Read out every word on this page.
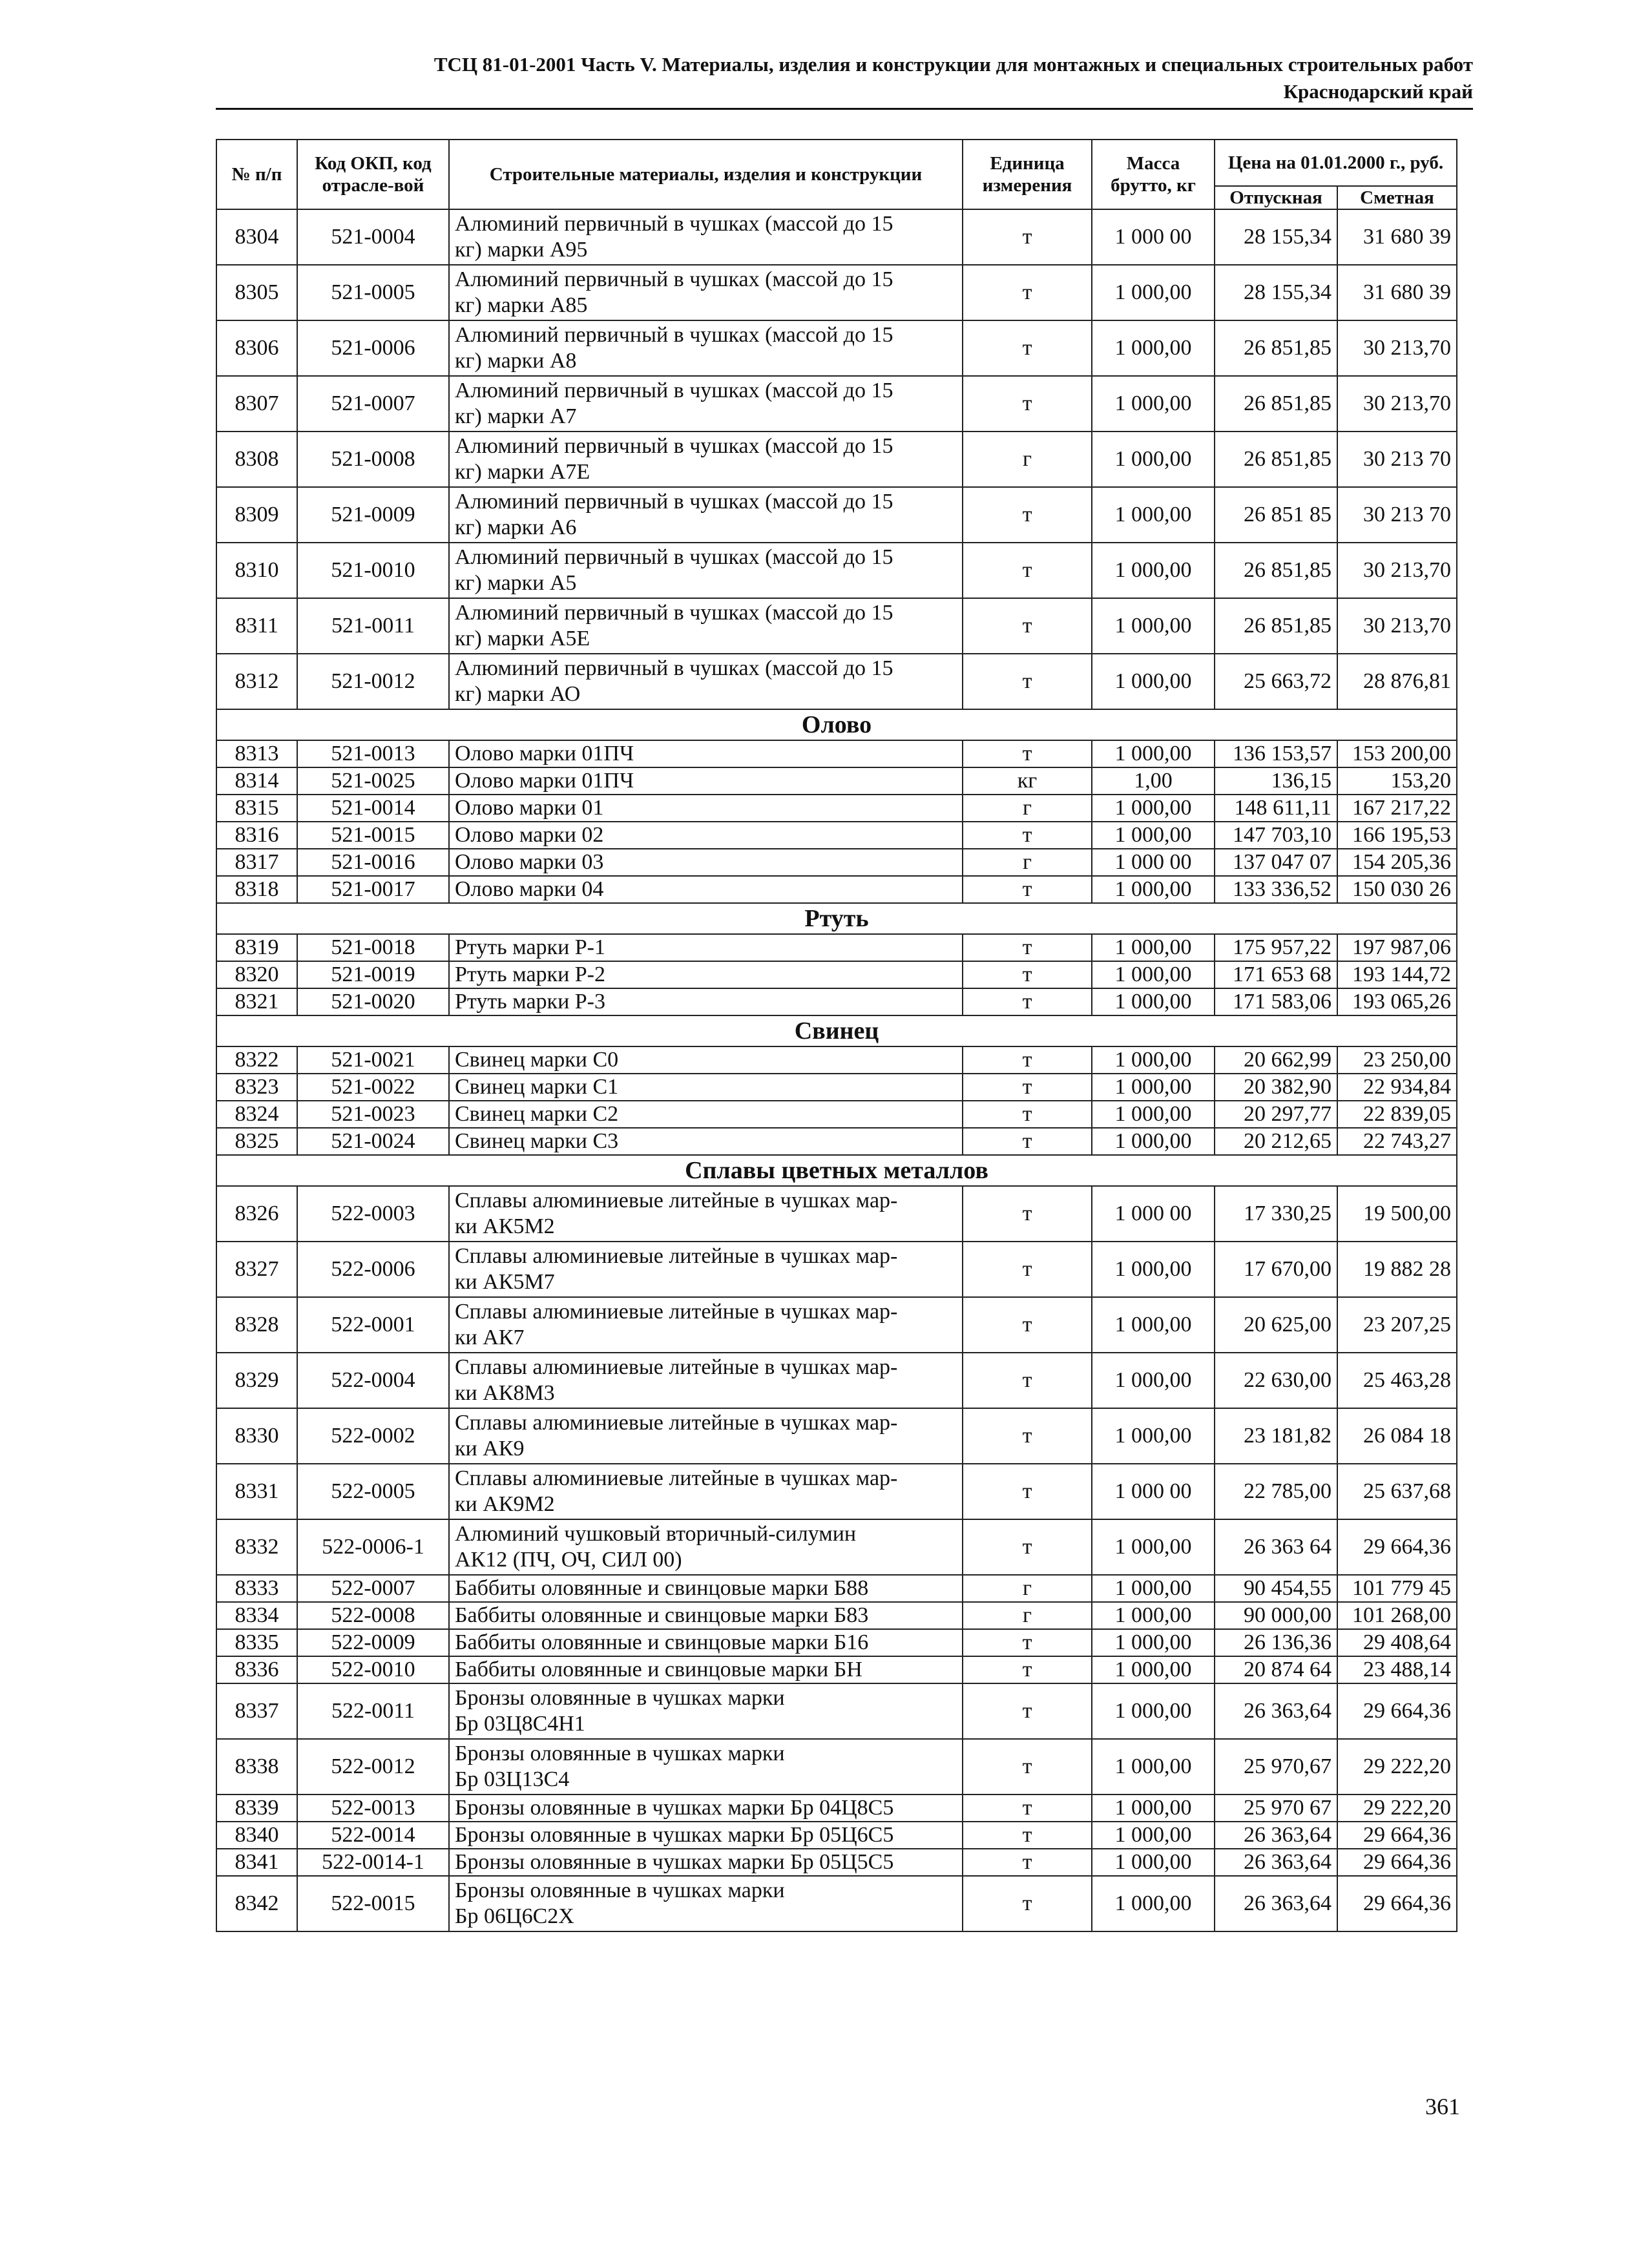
ТСЦ 81-01-2001 Часть V. Материалы, изделия и конструкции для монтажных и специальных строительных работ
Краснодарский край
№ п/п	Код ОКП, код отрасле-вой	Строительные материалы, изделия и конструкции	Единица измерения	Масса брутто, кг	Цена на 01.01.2000 г., руб.	
					Отпускная	Сметная
8304	521-0004	Алюминий первичный в чушках (массой до 15
кг) марки А95	т	1 000 00	28 155,34	31 680 39
8305	521-0005	Алюминий первичный в чушках (массой до 15
кг) марки А85	т	1 000,00	28 155,34	31 680 39
8306	521-0006	Алюминий первичный в чушках (массой до 15
кг) марки А8	т	1 000,00	26 851,85	30 213,70
8307	521-0007	Алюминий первичный в чушках (массой до 15
кг) марки А7	т	1 000,00	26 851,85	30 213,70
8308	521-0008	Алюминий первичный в чушках (массой до 15
кг) марки А7Е	г	1 000,00	26 851,85	30 213 70
8309	521-0009	Алюминий первичный в чушках (массой до 15
кг) марки А6	т	1 000,00	26 851 85	30 213 70
8310	521-0010	Алюминий первичный в чушках (массой до 15
кг) марки А5	т	1 000,00	26 851,85	30 213,70
8311	521-0011	Алюминий первичный в чушках (массой до 15
кг) марки А5Е	т	1 000,00	26 851,85	30 213,70
8312	521-0012	Алюминий первичный в чушках (массой до 15
кг) марки АО	т	1 000,00	25 663,72	28 876,81
Олово						
8313	521-0013	Олово марки 01ПЧ	т	1 000,00	136 153,57	153 200,00
8314	521-0025	Олово марки 01ПЧ	кг	1,00	136,15	153,20
8315	521-0014	Олово марки 01	г	1 000,00	148 611,11	167 217,22
8316	521-0015	Олово марки 02	т	1 000,00	147 703,10	166 195,53
8317	521-0016	Олово марки 03	г	1 000 00	137 047 07	154 205,36
8318	521-0017	Олово марки 04	т	1 000,00	133 336,52	150 030 26
Ртуть						
8319	521-0018	Ртуть марки Р-1	т	1 000,00	175 957,22	197 987,06
8320	521-0019	Ртуть марки Р-2	т	1 000,00	171 653 68	193 144,72
8321	521-0020	Ртуть марки Р-3	т	1 000,00	171 583,06	193 065,26
Свинец						
8322	521-0021	Свинец марки С0	т	1 000,00	20 662,99	23 250,00
8323	521-0022	Свинец марки С1	т	1 000,00	20 382,90	22 934,84
8324	521-0023	Свинец марки С2	т	1 000,00	20 297,77	22 839,05
8325	521-0024	Свинец марки С3	т	1 000,00	20 212,65	22 743,27
Сплавы цветных металлов						
8326	522-0003	Сплавы алюминиевые литейные в чушках мар-
ки АК5М2	т	1 000 00	17 330,25	19 500,00
8327	522-0006	Сплавы алюминиевые литейные в чушках мар-
ки АК5М7	т	1 000,00	17 670,00	19 882 28
8328	522-0001	Сплавы алюминиевые литейные в чушках мар-
ки АК7	т	1 000,00	20 625,00	23 207,25
8329	522-0004	Сплавы алюминиевые литейные в чушках мар-
ки АК8М3	т	1 000,00	22 630,00	25 463,28
8330	522-0002	Сплавы алюминиевые литейные в чушках мар-
ки АК9	т	1 000,00	23 181,82	26 084 18
8331	522-0005	Сплавы алюминиевые литейные в чушках мар-
ки АК9М2	т	1 000 00	22 785,00	25 637,68
8332	522-0006-1	Алюминий чушковый вторичный-силумин
АК12 (ПЧ, ОЧ, СИЛ 00)	т	1 000,00	26 363 64	29 664,36
8333	522-0007	Баббиты оловянные и свинцовые марки Б88	г	1 000,00	90 454,55	101 779 45
8334	522-0008	Баббиты оловянные и свинцовые марки Б83	г	1 000,00	90 000,00	101 268,00
8335	522-0009	Баббиты оловянные и свинцовые марки Б16	т	1 000,00	26 136,36	29 408,64
8336	522-0010	Баббиты оловянные и свинцовые марки БН	т	1 000,00	20 874 64	23 488,14
8337	522-0011	Бронзы оловянные в чушках марки
Бр 03Ц8С4Н1	т	1 000,00	26 363,64	29 664,36
8338	522-0012	Бронзы оловянные в чушках марки
Бр 03Ц13С4	т	1 000,00	25 970,67	29 222,20
8339	522-0013	Бронзы оловянные в чушках марки Бр 04Ц8С5	т	1 000,00	25 970 67	29 222,20
8340	522-0014	Бронзы оловянные в чушках марки Бр 05Ц6С5	т	1 000,00	26 363,64	29 664,36
8341	522-0014-1	Бронзы оловянные в чушках марки Бр 05Ц5С5	т	1 000,00	26 363,64	29 664,36
8342	522-0015	Бронзы оловянные в чушках марки
Бр 06Ц6С2Х	т	1 000,00	26 363,64	29 664,36
361
